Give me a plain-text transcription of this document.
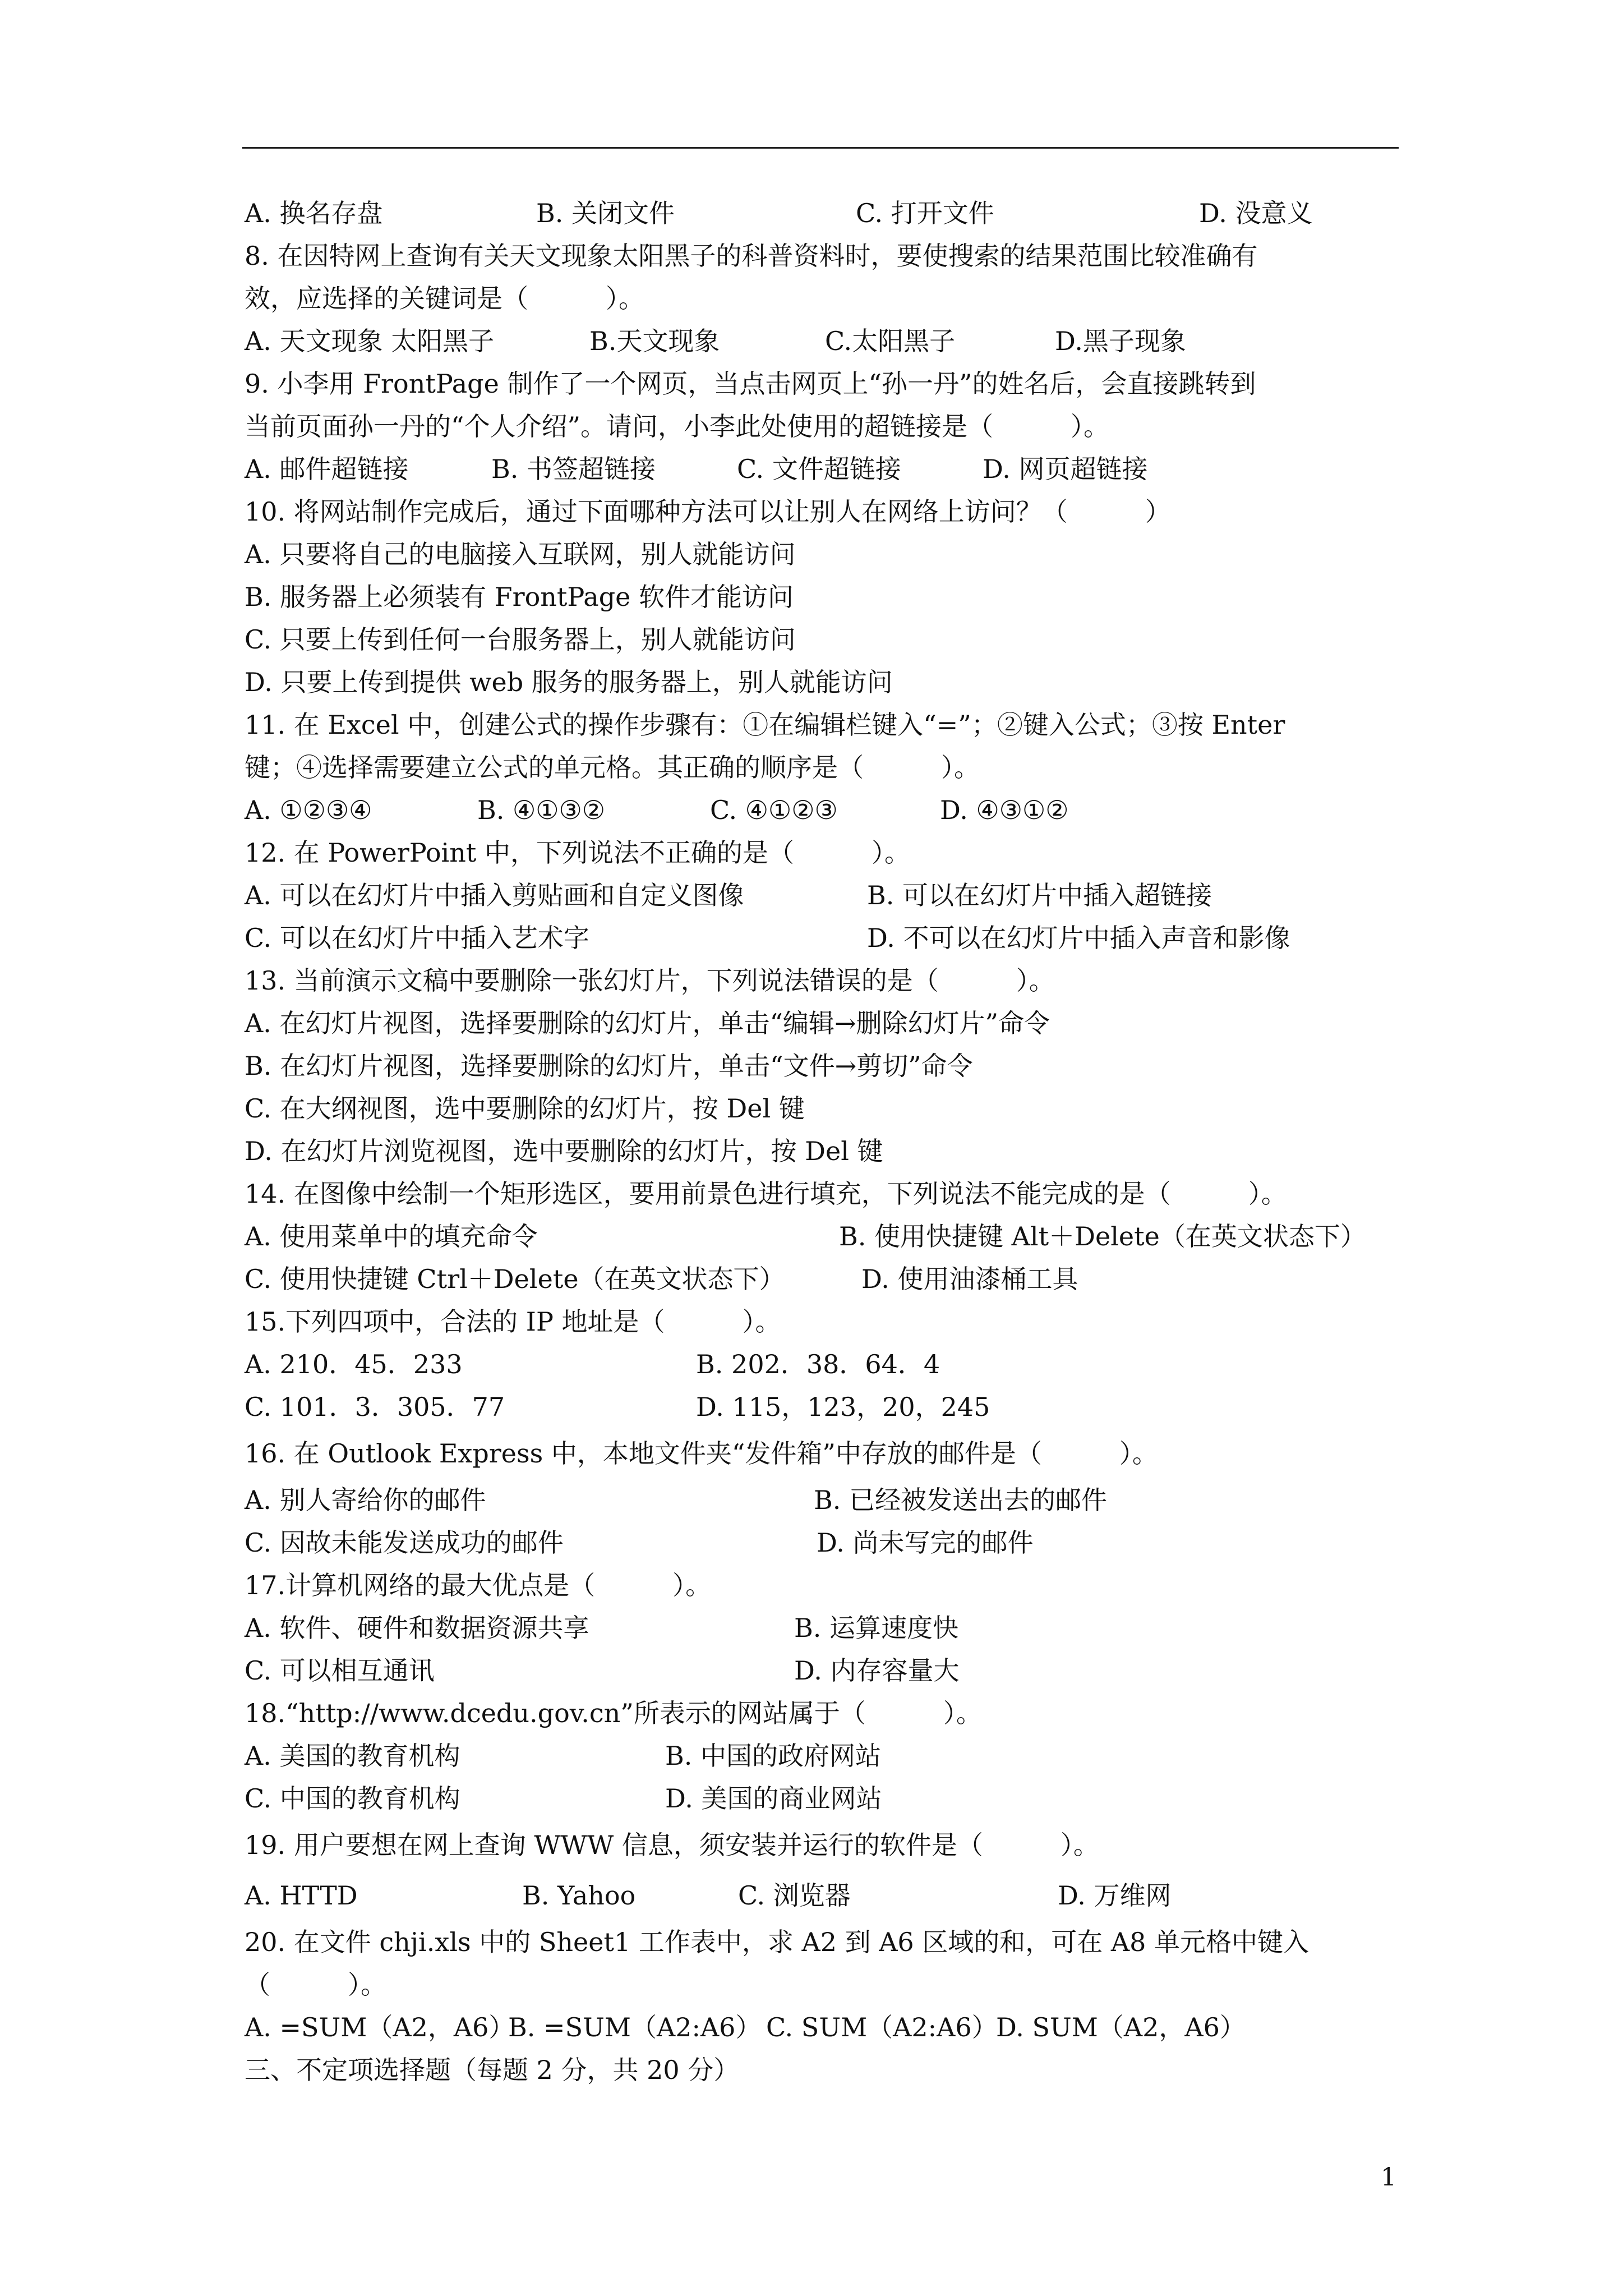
A. 换名存盘	B. 关闭文件	C. 打开文件	D. 没意义
8. 在因特网上查询有关天文现象太阳黑子的科普资料时，要使搜索的结果范围比较准确有
效，应选择的关键词是（　　　）。
A. 天文现象 太阳黑子	B.天文现象	C.太阳黑子	D.黑子现象
9. 小李用 FrontPage 制作了一个网页，当点击网页上“孙一丹”的姓名后，会直接跳转到
当前页面孙一丹的“个人介绍”。请问，小李此处使用的超链接是（　　　）。
A. 邮件超链接	B. 书签超链接	C. 文件超链接	D. 网页超链接
10. 将网站制作完成后，通过下面哪种方法可以让别人在网络上访问？（　　　）
A. 只要将自己的电脑接入互联网，别人就能访问
B. 服务器上必须装有 FrontPage 软件才能访问
C. 只要上传到任何一台服务器上，别人就能访问
D. 只要上传到提供 web 服务的服务器上，别人就能访问
11. 在 Excel 中，创建公式的操作步骤有：①在编辑栏键入“=”；②键入公式；③按 Enter
键；④选择需要建立公式的单元格。其正确的顺序是（　　　）。
A. ①②③④	B. ④①③②	C. ④①②③	D. ④③①②
12. 在 PowerPoint 中，下列说法不正确的是（　　　）。
A. 可以在幻灯片中插入剪贴画和自定义图像	B. 可以在幻灯片中插入超链接
C. 可以在幻灯片中插入艺术字	D. 不可以在幻灯片中插入声音和影像
13. 当前演示文稿中要删除一张幻灯片，下列说法错误的是（　　　）。
A. 在幻灯片视图，选择要删除的幻灯片，单击“编辑→删除幻灯片”命令
B. 在幻灯片视图，选择要删除的幻灯片，单击“文件→剪切”命令
C. 在大纲视图，选中要删除的幻灯片，按 Del 键
D. 在幻灯片浏览视图，选中要删除的幻灯片，按 Del 键
14. 在图像中绘制一个矩形选区，要用前景色进行填充，下列说法不能完成的是（　　　）。
A. 使用菜单中的填充命令	B. 使用快捷键 Alt＋Delete（在英文状态下）
C. 使用快捷键 Ctrl＋Delete（在英文状态下）	D. 使用油漆桶工具
15.下列四项中，合法的 IP 地址是（　　　）。
A. 210．45．233	B. 202．38．64．4
C. 101．3．305．77	D. 115，123，20，245
16. 在 Outlook Express 中，本地文件夹“发件箱”中存放的邮件是（　　　）。
A. 别人寄给你的邮件	B. 已经被发送出去的邮件
C. 因故未能发送成功的邮件	D. 尚未写完的邮件
17.计算机网络的最大优点是（　　　）。
A. 软件、硬件和数据资源共享	B. 运算速度快
C. 可以相互通讯	D. 内存容量大
18.“http://www.dcedu.gov.cn”所表示的网站属于（　　　）。
A. 美国的教育机构	B. 中国的政府网站
C. 中国的教育机构	D. 美国的商业网站
19. 用户要想在网上查询 WWW 信息，须安装并运行的软件是（　　　）。
A. HTTD	B. Yahoo	C. 浏览器	D. 万维网
20. 在文件 chji.xls 中的 Sheet1 工作表中，求 A2 到 A6 区域的和，可在 A8 单元格中键入
（　　　）。
A. =SUM（A2，A6）
B. =SUM（A2:A6） C. SUM（A2:A6）
D. SUM（A2，A6）
三、不定项选择题（每题 2 分，共 20 分）
1
